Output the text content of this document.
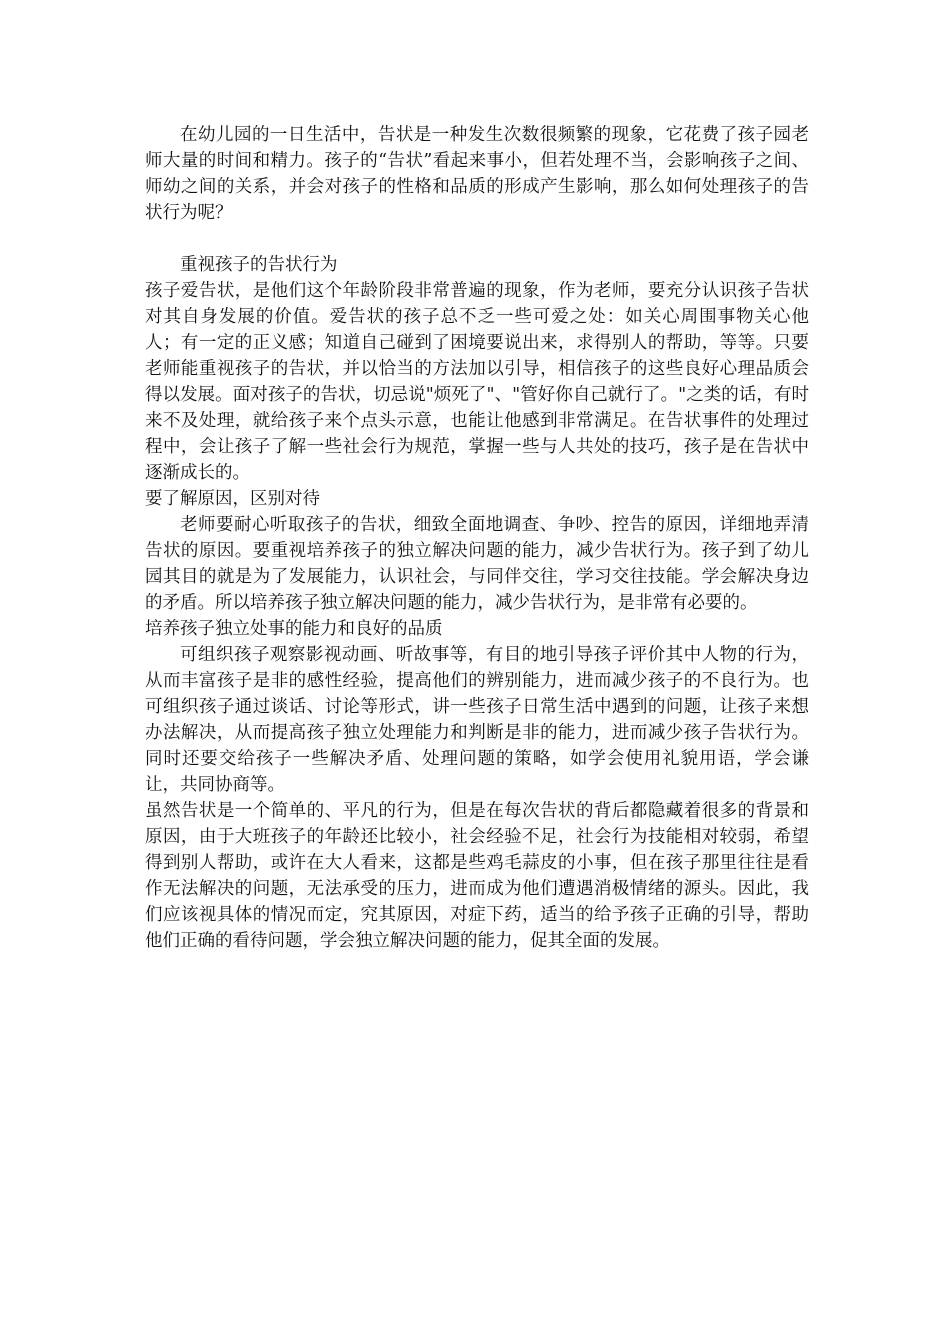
在幼儿园的一日生活中，告状是一种发生次数很频繁的现象，它花费了孩子园老师大量的时间和精力。孩子的“告状”看起来事小，但若处理不当，会影响孩子之间、师幼之间的关系，并会对孩子的性格和品质的形成产生影响，那么如何处理孩子的告状行为呢？

重视孩子的告状行为

孩子爱告状，是他们这个年龄阶段非常普遍的现象，作为老师，要充分认识孩子告状对其自身发展的价值。爱告状的孩子总不乏一些可爱之处：如关心周围事物关心他人；有一定的正义感；知道自己碰到了困境要说出来，求得别人的帮助，等等。只要老师能重视孩子的告状，并以恰当的方法加以引导，相信孩子的这些良好心理品质会得以发展。面对孩子的告状，切忌说"烦死了"、"管好你自己就行了。"之类的话，有时来不及处理，就给孩子来个点头示意，也能让他感到非常满足。在告状事件的处理过程中，会让孩子了解一些社会行为规范，掌握一些与人共处的技巧，孩子是在告状中逐渐成长的。

要了解原因，区别对待

老师要耐心听取孩子的告状，细致全面地调查、争吵、控告的原因，详细地弄清告状的原因。要重视培养孩子的独立解决问题的能力，减少告状行为。孩子到了幼儿园其目的就是为了发展能力，认识社会，与同伴交往，学习交往技能。学会解决身边的矛盾。所以培养孩子独立解决问题的能力，减少告状行为，是非常有必要的。

培养孩子独立处事的能力和良好的品质

可组织孩子观察影视动画、听故事等，有目的地引导孩子评价其中人物的行为，从而丰富孩子是非的感性经验，提高他们的辨别能力，进而减少孩子的不良行为。也可组织孩子通过谈话、讨论等形式，讲一些孩子日常生活中遇到的问题，让孩子来想办法解决，从而提高孩子独立处理能力和判断是非的能力，进而减少孩子告状行为。同时还要交给孩子一些解决矛盾、处理问题的策略，如学会使用礼貌用语，学会谦让，共同协商等。

虽然告状是一个简单的、平凡的行为，但是在每次告状的背后都隐藏着很多的背景和原因，由于大班孩子的年龄还比较小，社会经验不足，社会行为技能相对较弱，希望得到别人帮助，或许在大人看来，这都是些鸡毛蒜皮的小事，但在孩子那里往往是看作无法解决的问题，无法承受的压力，进而成为他们遭遇消极情绪的源头。因此，我们应该视具体的情况而定，究其原因，对症下药，适当的给予孩子正确的引导，帮助他们正确的看待问题，学会独立解决问题的能力，促其全面的发展。
